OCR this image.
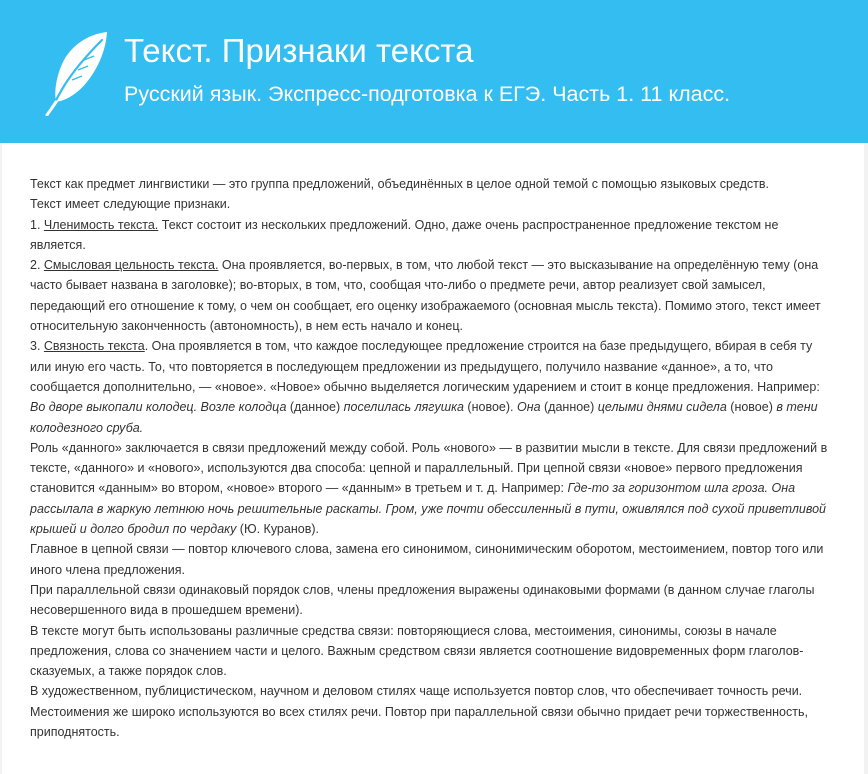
Текст. Признаки текста
Русский язык. Экспресс-подготовка к ЕГЭ. Часть 1. 11 класс.

Текст как предмет лингвистики — это группа предложений, объединённых в целое одной темой с помощью языковых средств.

Текст имеет следующие признаки.

1. Членимость текста. Текст состоит из нескольких предложений. Одно, даже очень распространенное предложение текстом не является.

2. Смысловая цельность текста. Она проявляется, во-первых, в том, что любой текст — это высказывание на определённую тему (она часто бывает названа в заголовке); во-вторых, в том, что, сообщая что-либо о предмете речи, автор реализует свой замысел, передающий его отношение к тому, о чем он сообщает, его оценку изображаемого (основная мысль текста). Помимо этого, текст имеет относительную законченность (автономность), в нем есть начало и конец.

3. Связность текста. Она проявляется в том, что каждое последующее предложение строится на базе предыдущего, вбирая в себя ту или иную его часть. То, что повторяется в последующем предложении из предыдущего, получило название «данное», а то, что сообщается дополнительно, — «новое». «Новое» обычно выделяется логическим ударением и стоит в конце предложения. Например: Во дворе выкопали колодец. Возле колодца (данное) поселилась лягушка (новое). Она (данное) целыми днями сидела (новое) в тени колодезного сруба.

Роль «данного» заключается в связи предложений между собой. Роль «нового» — в развитии мысли в тексте. Для связи предложений в тексте, «данного» и «нового», используются два способа: цепной и параллельный. При цепной связи «новое» первого предложения становится «данным» во втором, «новое» второго — «данным» в третьем и т. д. Например: Где-то за горизонтом шла гроза. Она рассылала в жаркую летнюю ночь решительные раскаты. Гром, уже почти обессиленный в пути, оживлялся под сухой приветливой крышей и долго бродил по чердаку (Ю. Куранов).

Главное в цепной связи — повтор ключевого слова, замена его синонимом, синонимическим оборотом, местоимением, повтор того или иного члена предложения.

При параллельной связи одинаковый порядок слов, члены предложения выражены одинаковыми формами (в данном случае глаголы несовершенного вида в прошедшем времени).

В тексте могут быть использованы различные средства связи: повторяющиеся слова, местоимения, синонимы, союзы в начале предложения, слова со значением части и целого. Важным средством связи является соотношение видовременных форм глаголов-сказуемых, а также порядок слов.

В художественном, публицистическом, научном и деловом стилях чаще используется повтор слов, что обеспечивает точность речи. Местоимения же широко используются во всех стилях речи. Повтор при параллельной связи обычно придает речи торжественность, приподнятость.
